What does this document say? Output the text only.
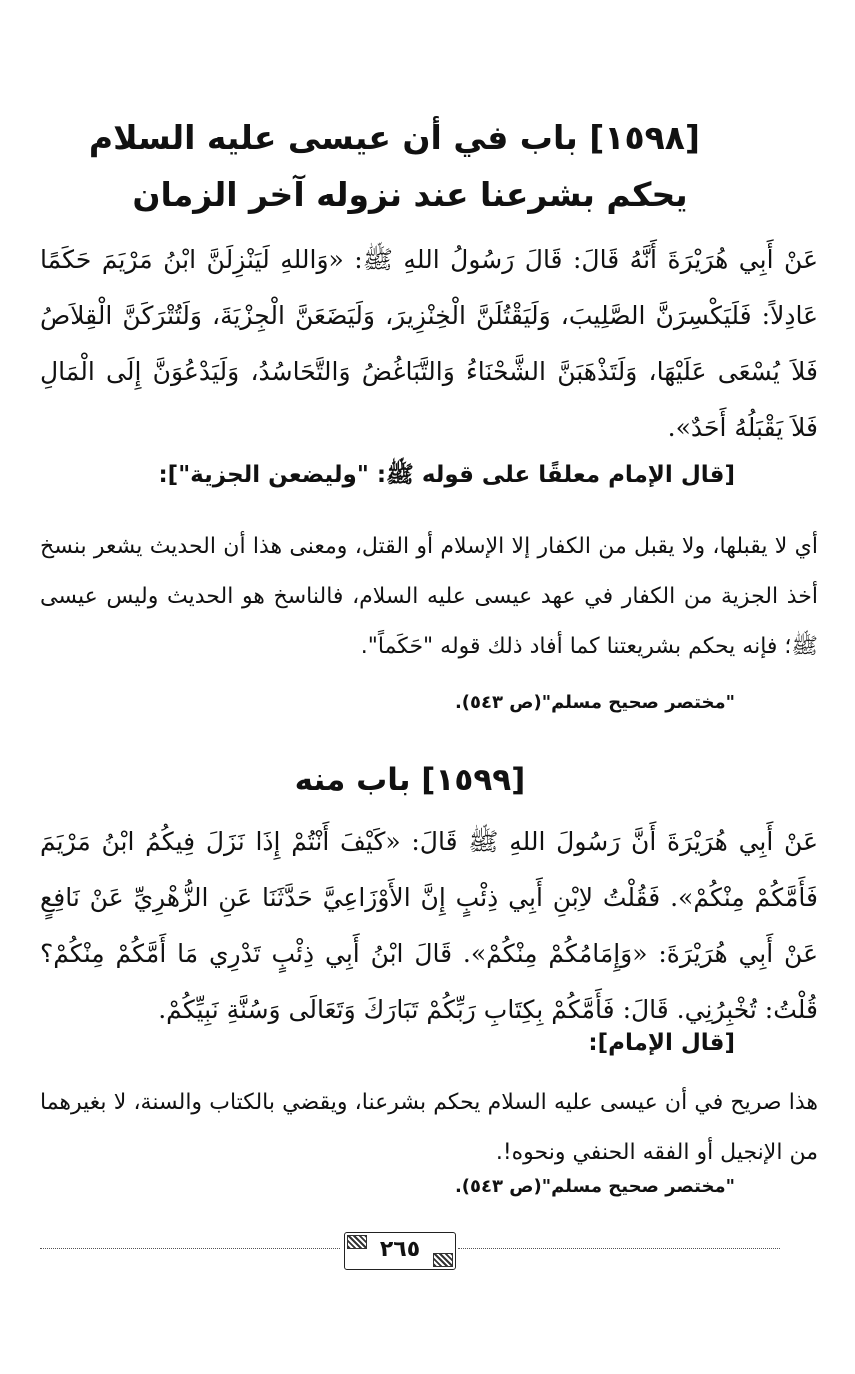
[١٥٩٨] باب في أن عيسى عليه السلام
يحكم بشرعنا عند نزوله آخر الزمان
عَنْ أَبِي هُرَيْرَةَ أَنَّهُ قَالَ: قَالَ رَسُولُ اللهِ ﷺ: «وَاللهِ لَيَنْزِلَنَّ ابْنُ مَرْيَمَ حَكَمًا عَادِلاً: فَلَيَكْسِرَنَّ الصَّلِيبَ، وَلَيَقْتُلَنَّ الْخِنْزِيرَ، وَلَيَضَعَنَّ الْجِزْيَةَ، وَلَتُتْرَكَنَّ الْقِلاَصُ فَلاَ يُسْعَى عَلَيْهَا، وَلَتَذْهَبَنَّ الشَّحْنَاءُ وَالتَّبَاغُضُ وَالتَّحَاسُدُ، وَلَيَدْعُوَنَّ إِلَى الْمَالِ فَلاَ يَقْبَلُهُ أَحَدٌ».
[قال الإمام معلقًا على قوله ﷺ: "وليضعن الجزية"]:
أي لا يقبلها، ولا يقبل من الكفار إلا الإسلام أو القتل، ومعنى هذا أن الحديث يشعر بنسخ أخذ الجزية من الكفار في عهد عيسى عليه السلام، فالناسخ هو الحديث وليس عيسى ﷺ؛ فإنه يحكم بشريعتنا كما أفاد ذلك قوله "حَكَماً".
"مختصر صحيح مسلم"(ص ٥٤٣).
[١٥٩٩] باب منه
عَنْ أَبِي هُرَيْرَةَ أَنَّ رَسُولَ اللهِ ﷺ قَالَ: «كَيْفَ أَنْتُمْ إِذَا نَزَلَ فِيكُمُ ابْنُ مَرْيَمَ فَأَمَّكُمْ مِنْكُمْ». فَقُلْتُ لاِبْنِ أَبِي ذِئْبٍ إِنَّ الأَوْزَاعِيَّ حَدَّثَنَا عَنِ الزُّهْرِيِّ عَنْ نَافِعٍ عَنْ أَبِي هُرَيْرَةَ: «وَإِمَامُكُمْ مِنْكُمْ». قَالَ ابْنُ أَبِي ذِئْبٍ تَدْرِي مَا أَمَّكُمْ مِنْكُمْ؟ قُلْتُ: تُخْبِرُنِي. قَالَ: فَأَمَّكُمْ بِكِتَابِ رَبِّكُمْ تَبَارَكَ وَتَعَالَى وَسُنَّةِ نَبِيِّكُمْ.
[قال الإمام]:
هذا صريح في أن عيسى عليه السلام يحكم بشرعنا، ويقضي بالكتاب والسنة، لا بغيرهما من الإنجيل أو الفقه الحنفي ونحوه!.
"مختصر صحيح مسلم"(ص ٥٤٣).
٢٦٥
